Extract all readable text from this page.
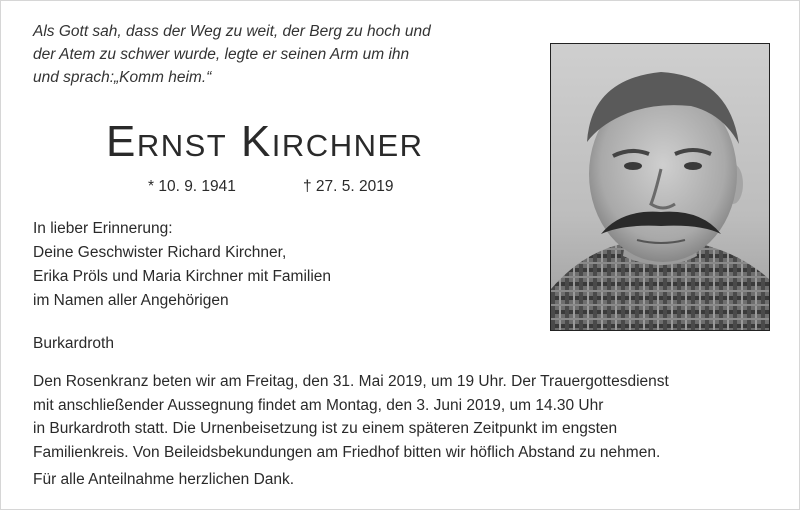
Als Gott sah, dass der Weg zu weit, der Berg zu hoch und
der Atem zu schwer wurde, legte er seinen Arm um ihn
und sprach:„Komm heim.“
Ernst Kirchner
* 10. 9. 1941	† 27. 5. 2019
In lieber Erinnerung:
Deine Geschwister Richard Kirchner,
Erika Pröls und Maria Kirchner mit Familien
im Namen aller Angehörigen
Burkardroth
Den Rosenkranz beten wir am Freitag, den 31. Mai 2019, um 19 Uhr. Der Trauergottesdienst
mit anschließender Aussegnung findet am Montag, den 3. Juni 2019, um 14.30 Uhr
in Burkardroth statt. Die Urnenbeisetzung ist zu einem späteren Zeitpunkt im engsten
Familienkreis. Von Beileidsbekundungen am Friedhof bitten wir höflich Abstand zu nehmen.
Für alle Anteilnahme herzlichen Dank.
